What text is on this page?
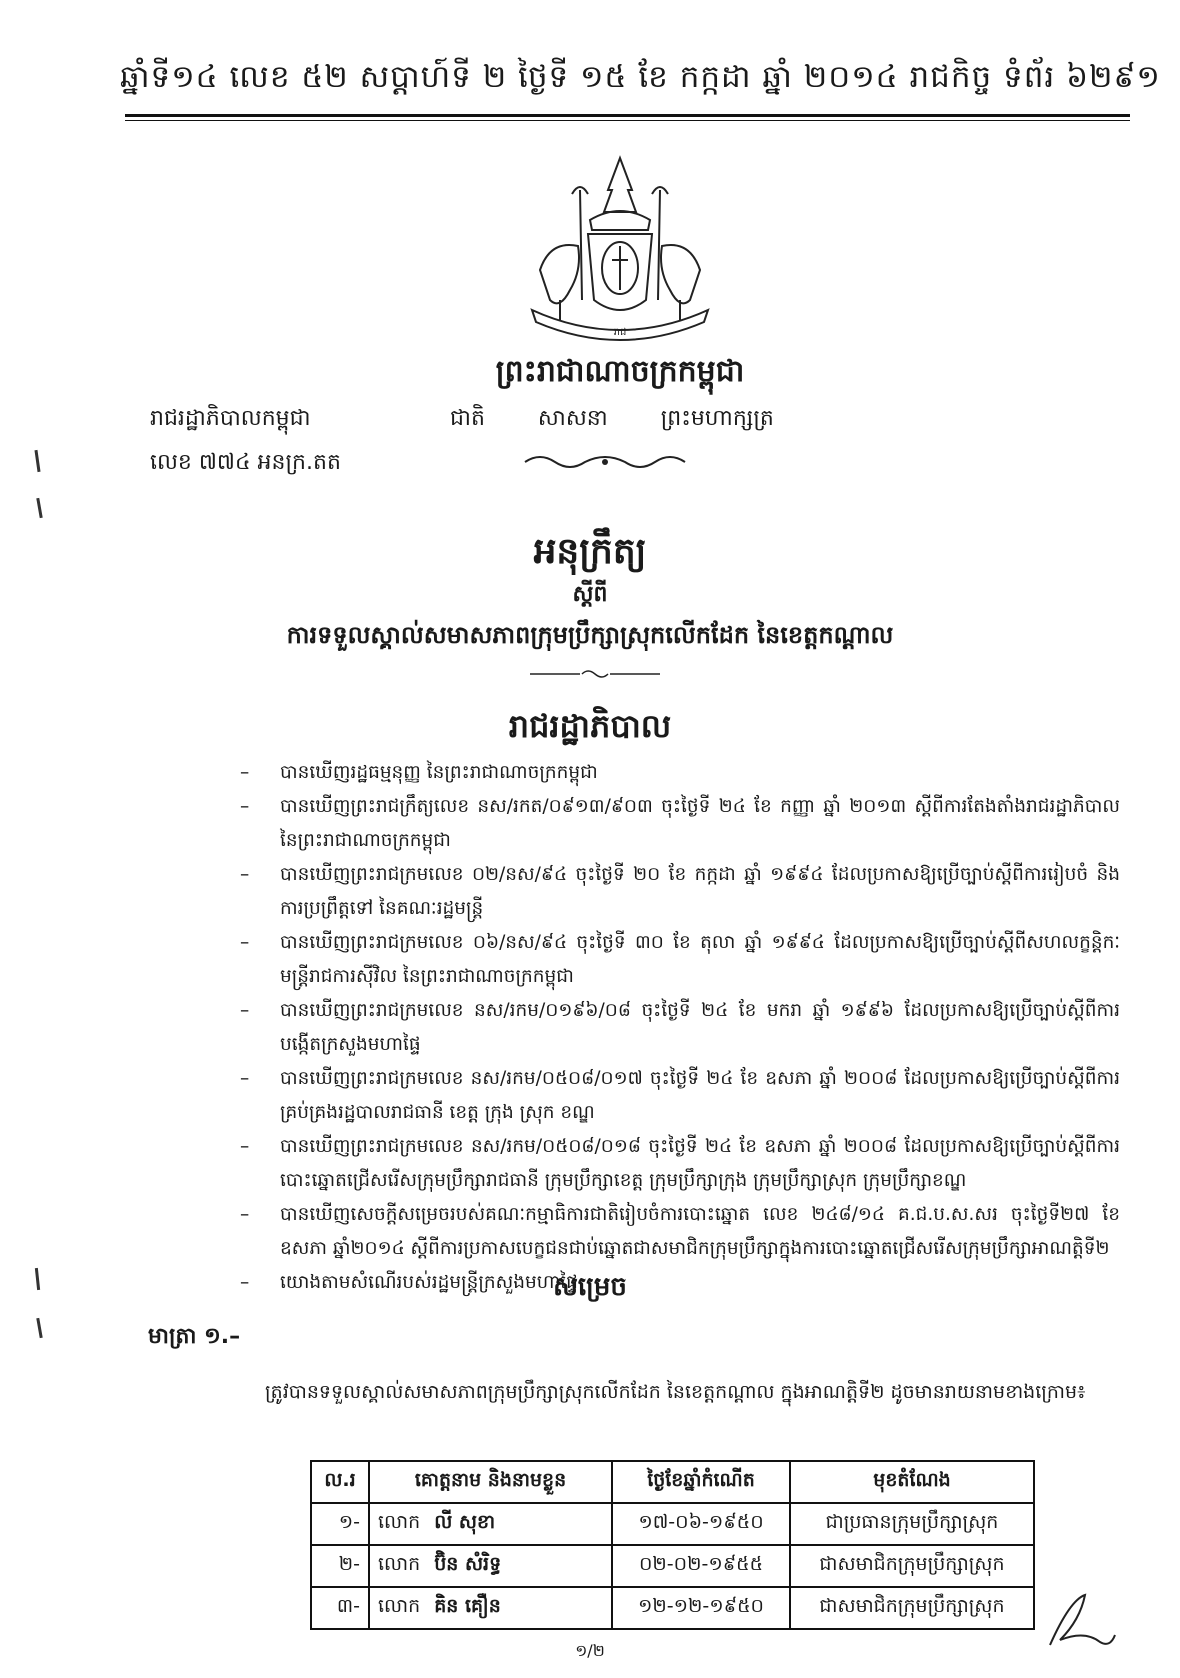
ឆ្នាំទី១៤ លេខ ៥២ សប្ដាហ៍ទី ២ ថ្ងៃទី ១៥ ខែ កក្កដា ឆ្នាំ ២០១៤ រាជកិច្ច ទំព័រ ៦២៩១
រាជ
ព្រះរាជាណាចក្រកម្ពុជា
រាជរដ្ឋាភិបាលកម្ពុជា	ជាតិ សាសនា ព្រះមហាក្សត្រ
លេខ ៧៧៤ អនក្រ.តត
អនុក្រឹត្យ
ស្ដីពី
ការទទួលស្គាល់សមាសភាពក្រុមប្រឹក្សាស្រុកលើកដែក នៃខេត្តកណ្ដាល
រាជរដ្ឋាភិបាល
– បានឃើញរដ្ឋធម្មនុញ្ញ នៃព្រះរាជាណាចក្រកម្ពុជា
– បានឃើញព្រះរាជក្រឹត្យលេខ នស/រកត/០៩១៣/៩០៣ ចុះថ្ងៃទី ២៤ ខែ កញ្ញា ឆ្នាំ ២០១៣ ស្ដីពីការតែងតាំងរាជរដ្ឋាភិបាល នៃព្រះរាជាណាចក្រកម្ពុជា
– បានឃើញព្រះរាជក្រមលេខ ០២/នស/៩៤ ចុះថ្ងៃទី ២០ ខែ កក្កដា ឆ្នាំ ១៩៩៤ ដែលប្រកាសឱ្យប្រើច្បាប់ស្ដីពីការរៀបចំ និងការប្រព្រឹត្តទៅ នៃគណៈរដ្ឋមន្ត្រី
– បានឃើញព្រះរាជក្រមលេខ ០៦/នស/៩៤ ចុះថ្ងៃទី ៣០ ខែ តុលា ឆ្នាំ ១៩៩៤ ដែលប្រកាសឱ្យប្រើច្បាប់ស្ដីពីសហលក្ខន្តិកៈមន្ត្រីរាជការស៊ីវិល នៃព្រះរាជាណាចក្រកម្ពុជា
– បានឃើញព្រះរាជក្រមលេខ នស/រកម/០១៩៦/០៨ ចុះថ្ងៃទី ២៤ ខែ មករា ឆ្នាំ ១៩៩៦ ដែលប្រកាសឱ្យប្រើច្បាប់ស្ដីពីការបង្កើតក្រសួងមហាផ្ទៃ
– បានឃើញព្រះរាជក្រមលេខ នស/រកម/០៥០៨/០១៧ ចុះថ្ងៃទី ២៤ ខែ ឧសភា ឆ្នាំ ២០០៨ ដែលប្រកាសឱ្យប្រើច្បាប់ស្ដីពីការគ្រប់គ្រងរដ្ឋបាលរាជធានី ខេត្ត ក្រុង ស្រុក ខណ្ឌ
– បានឃើញព្រះរាជក្រមលេខ នស/រកម/០៥០៨/០១៨ ចុះថ្ងៃទី ២៤ ខែ ឧសភា ឆ្នាំ ២០០៨ ដែលប្រកាសឱ្យប្រើច្បាប់ស្ដីពីការបោះឆ្នោតជ្រើសរើសក្រុមប្រឹក្សារាជធានី ក្រុមប្រឹក្សាខេត្ត ក្រុមប្រឹក្សាក្រុង ក្រុមប្រឹក្សាស្រុក ក្រុមប្រឹក្សាខណ្ឌ
– បានឃើញសេចក្ដីសម្រេចរបស់គណៈកម្មាធិការជាតិរៀបចំការបោះឆ្នោត លេខ ២៤៨/១៤ គ.ជ.ប.ស.សរ ចុះថ្ងៃទី២៧ ខែឧសភា ឆ្នាំ២០១៤ ស្ដីពីការប្រកាសបេក្ខជនជាប់ឆ្នោតជាសមាជិកក្រុមប្រឹក្សាក្នុងការបោះឆ្នោតជ្រើសរើសក្រុមប្រឹក្សាអាណត្តិទី២
– យោងតាមសំណើរបស់រដ្ឋមន្ត្រីក្រសួងមហាផ្ទៃ
សម្រេច
មាត្រា ១.–
ត្រូវបានទទួលស្គាល់សមាសភាពក្រុមប្រឹក្សាស្រុកលើកដែក នៃខេត្តកណ្ដាល ក្នុងអាណត្តិទី២ ដូចមានរាយនាមខាងក្រោម៖
ល.រ	គោត្តនាម និងនាមខ្លួន	ថ្ងៃខែឆ្នាំកំណើត	មុខតំណែង
១-	លោក លី សុខា	១៧-០៦-១៩៥០	ជាប្រធានក្រុមប្រឹក្សាស្រុក
២-	លោក ប៊ិន សំរិទ្ធ	០២-០២-១៩៥៥	ជាសមាជិកក្រុមប្រឹក្សាស្រុក
៣-	លោក គិន គឿន	១២-១២-១៩៥០	ជាសមាជិកក្រុមប្រឹក្សាស្រុក
១/២
